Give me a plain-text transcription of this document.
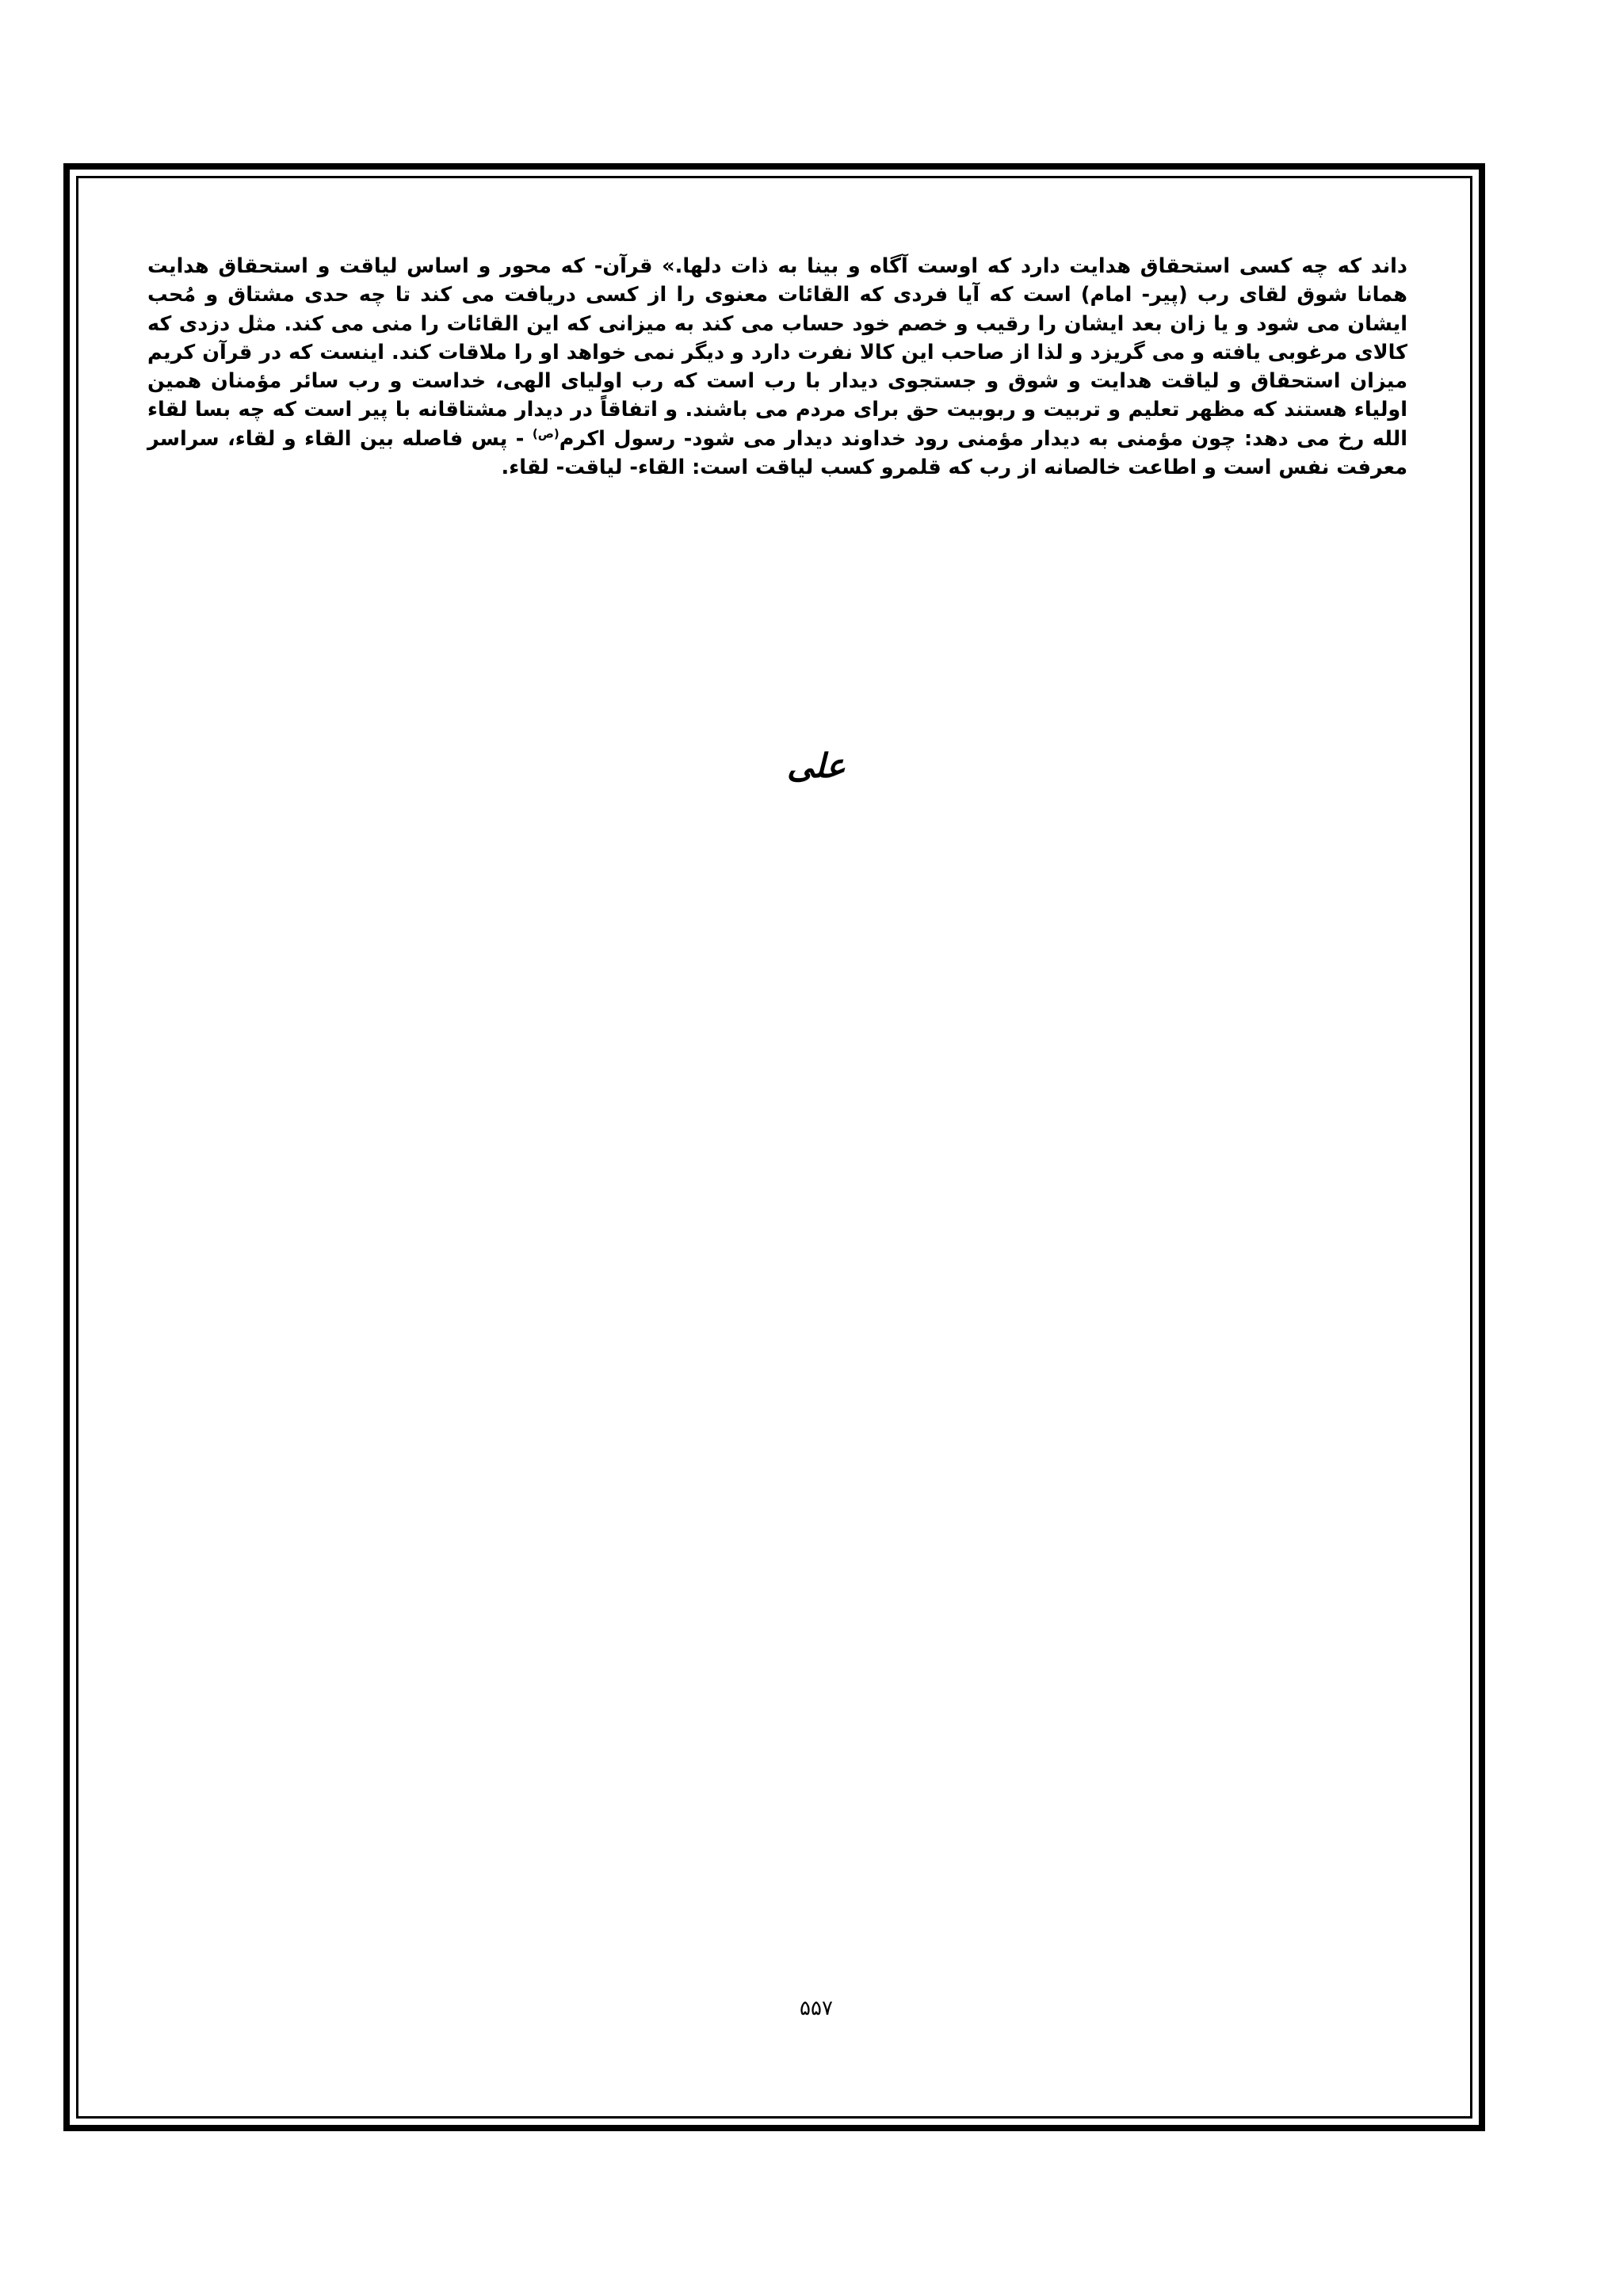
داند که چه کسی استحقاق هدایت دارد که اوست آگاه و بینا به ذات دلها.» قرآن- که محور و اساس لیاقت و استحقاق هدایت همانا شوق لقای رب (پیر- امام) است که آیا فردی که القائات معنوی را از کسی دریافت می کند تا چه حدی مشتاق و مُحب ایشان می شود و یا زان بعد ایشان را رقیب و خصم خود حساب می کند به میزانی که این القائات را منی می کند. مثل دزدی که کالای مرغوبی یافته و می گریزد و لذا از صاحب این کالا نفرت دارد و دیگر نمی خواهد او را ملاقات کند. اینست که در قرآن کریم میزان استحقاق و لیاقت هدایت و شوق و جستجوی دیدار با رب است که رب اولیای الهی، خداست و رب سائر مؤمنان همین اولیاء هستند که مظهر تعلیم و تربیت و ربوبیت حق برای مردم می باشند. و اتفاقاً در دیدار مشتاقانه با پیر است که چه بسا لقاء الله رخ می دهد: چون مؤمنی به دیدار مؤمنی رود خداوند دیدار می شود- رسول اکرم$^{(ص)}$ - پس فاصله بین القاء و لقاء، سراسر معرفت نفس است و اطاعت خالصانه از رب که قلمرو کسب لیاقت است: القاء- لیاقت- لقاء.

علی
۵۵۷
